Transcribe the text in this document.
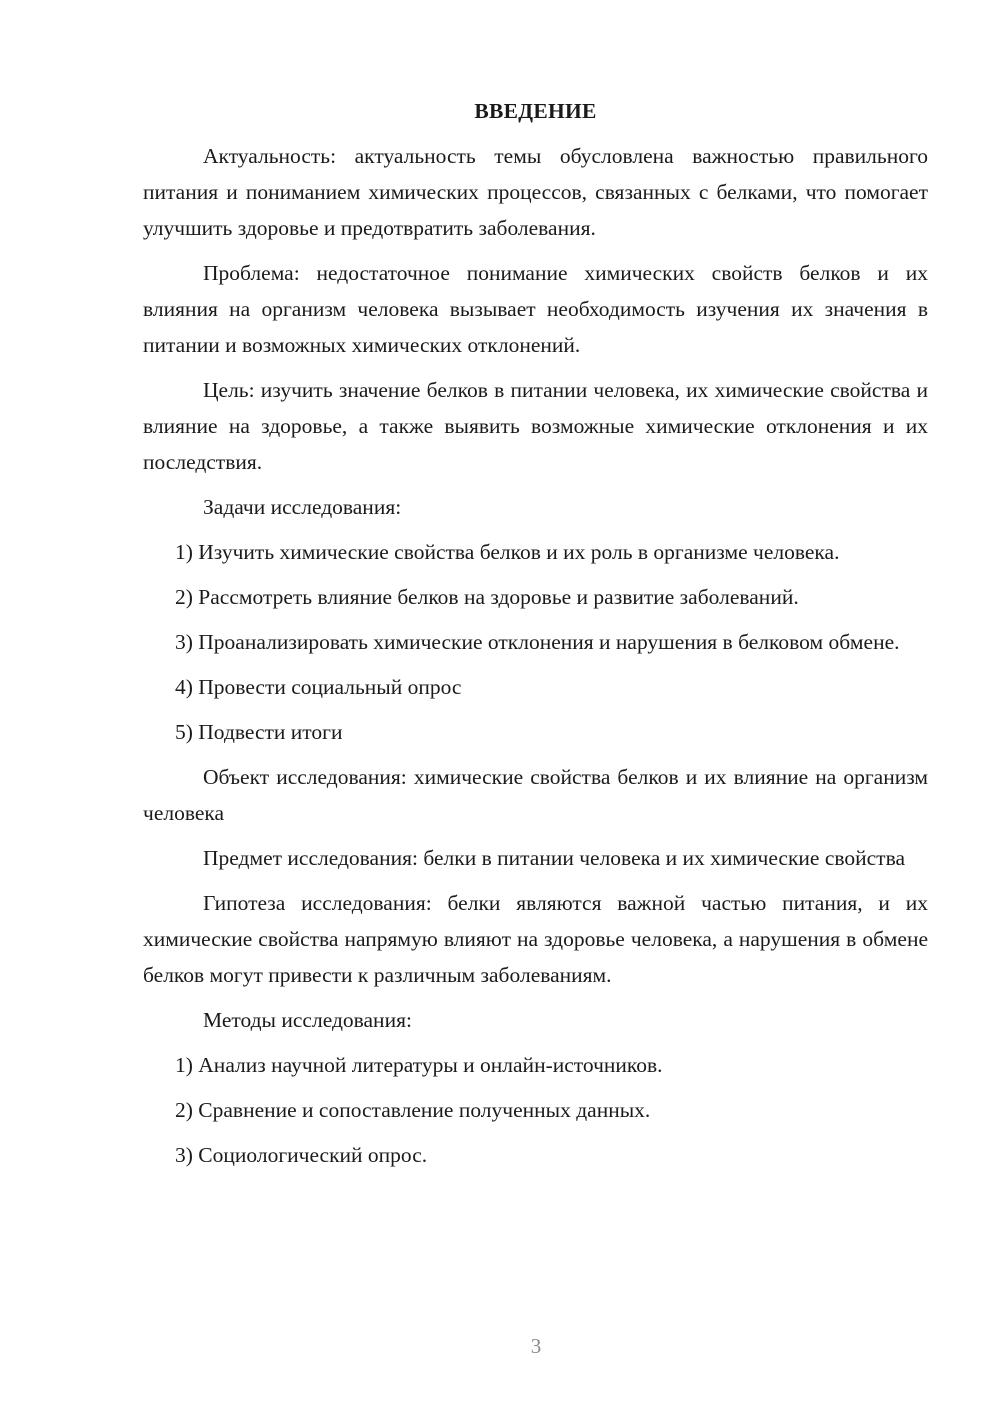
ВВЕДЕНИЕ

Актуальность: актуальность темы обусловлена важностью правильного питания и пониманием химических процессов, связанных с белками, что помогает улучшить здоровье и предотвратить заболевания.

Проблема: недостаточное понимание химических свойств белков и их влияния на организм человека вызывает необходимость изучения их значения в питании и возможных химических отклонений.

Цель: изучить значение белков в питании человека, их химические свойства и влияние на здоровье, а также выявить возможные химические отклонения и их последствия.

Задачи исследования:

1) Изучить химические свойства белков и их роль в организме человека.

2) Рассмотреть влияние белков на здоровье и развитие заболеваний.

3) Проанализировать химические отклонения и нарушения в белковом обмене.

4) Провести социальный опрос

5) Подвести итоги

Объект исследования: химические свойства белков и их влияние на организм человека

Предмет исследования: белки в питании человека и их химические свойства

Гипотеза исследования: белки являются важной частью питания, и их химические свойства напрямую влияют на здоровье человека, а нарушения в обмене белков могут привести к различным заболеваниям.

Методы исследования:

1) Анализ научной литературы и онлайн-источников.

2) Сравнение и сопоставление полученных данных.

3) Социологический опрос.

3
